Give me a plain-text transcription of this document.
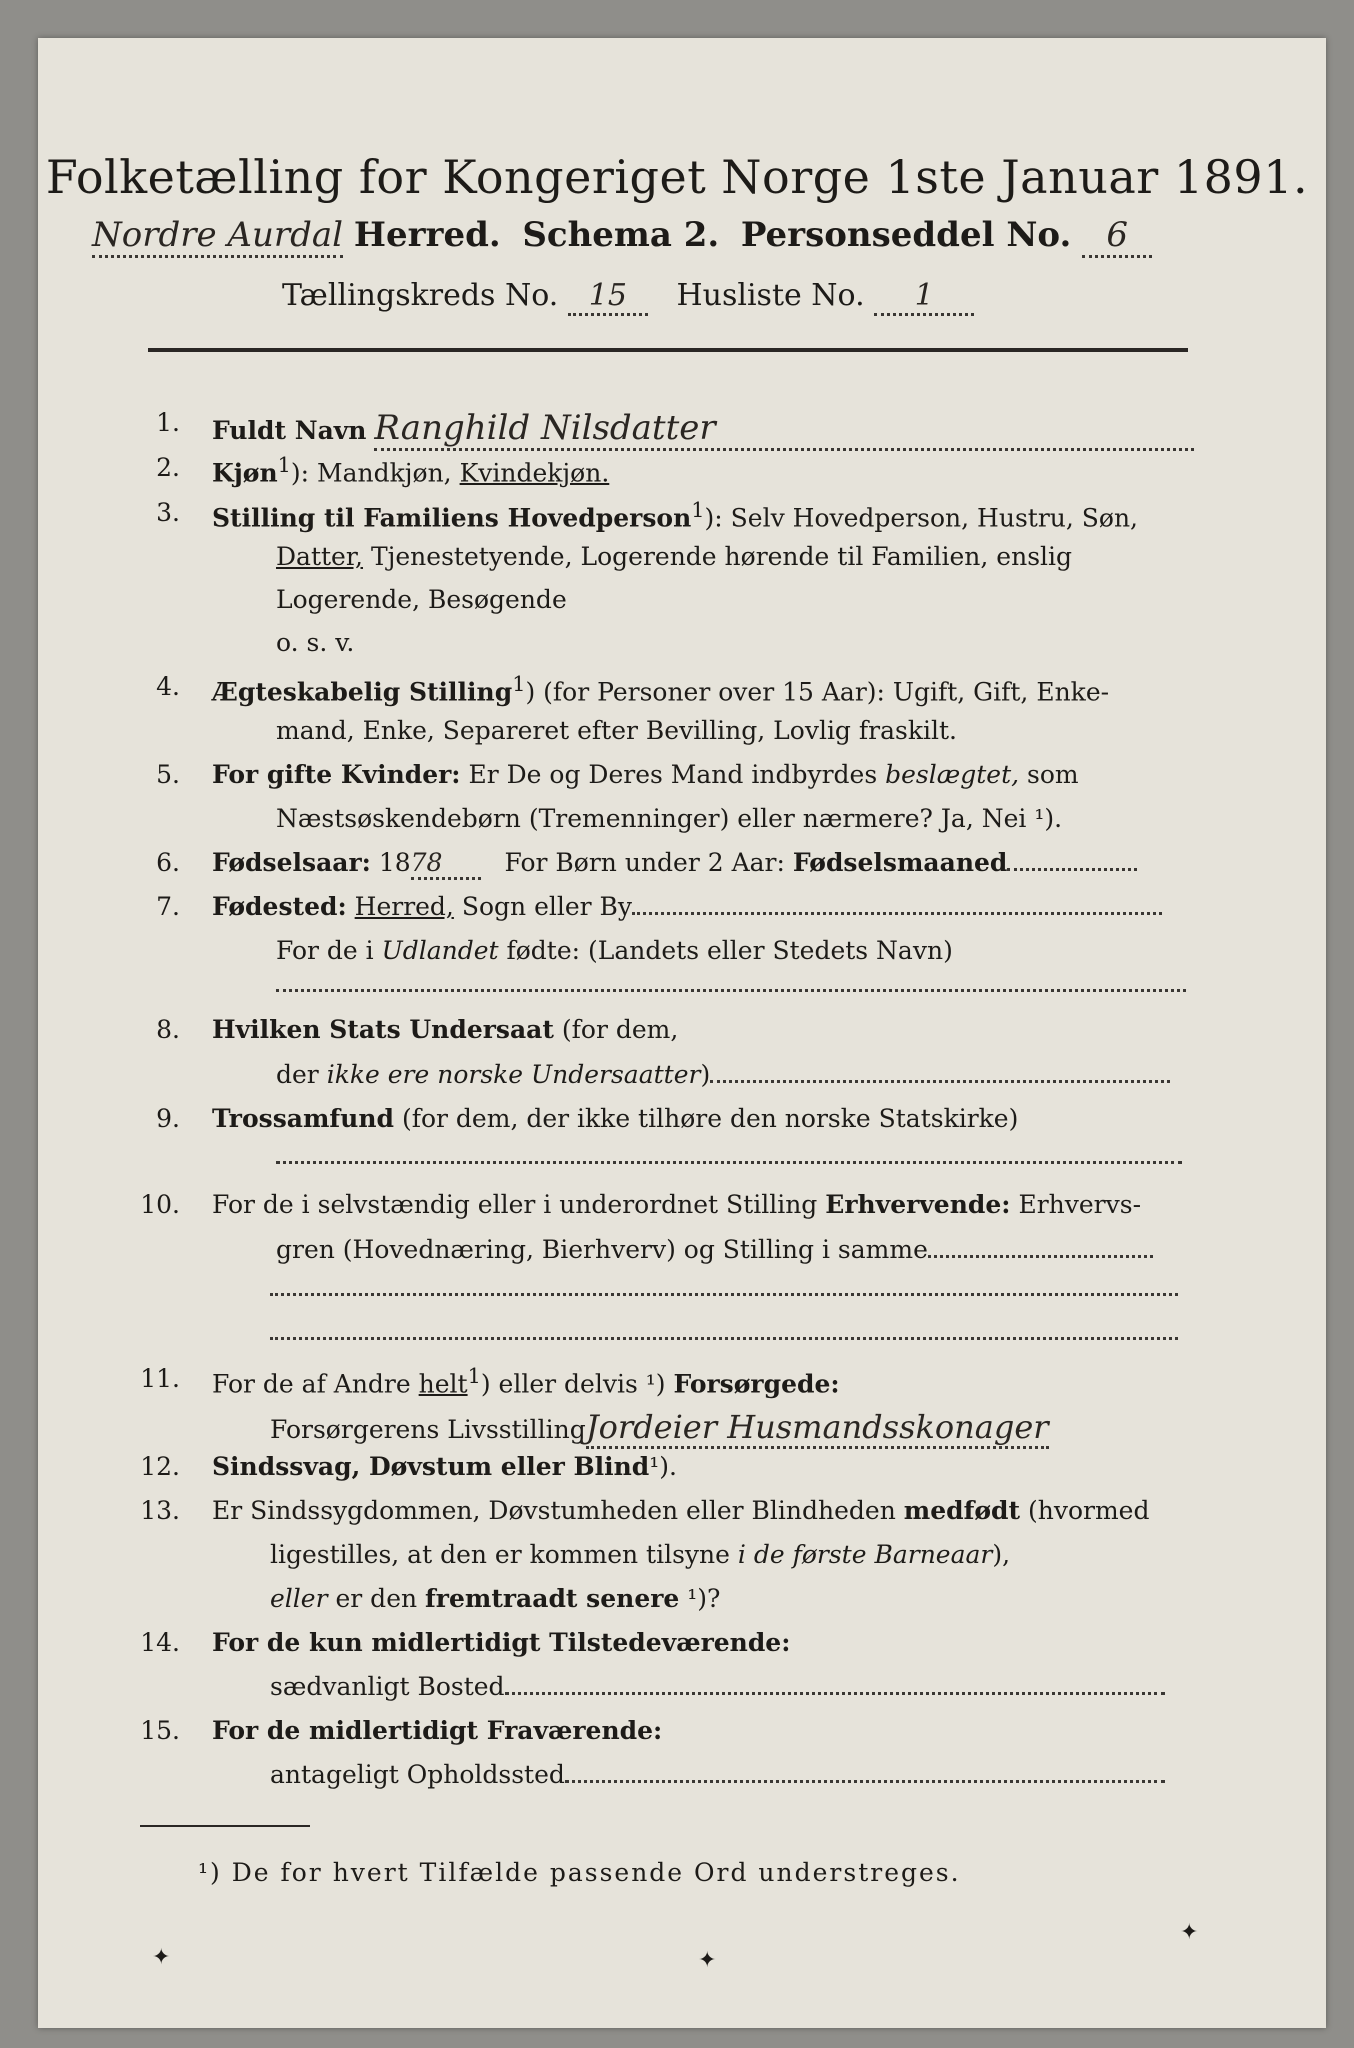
Folketælling for Kongeriget Norge 1ste Januar 1891.
Nordre Aurdal Herred. Schema 2. Personseddel No. 6
Tællingskreds No. 15 Husliste No. 1
1. Fuldt Navn Ranghild Nilsdatter
2. Kjøn$^1$): Mandkjøn, Kvindekjøn.
3. Stilling til Familiens Hovedperson$^1$): Selv Hovedperson, Hustru, Søn,
Datter, Tjenestetyende, Logerende hørende til Familien, enslig
Logerende, Besøgende
o. s. v.
4. Ægteskabelig Stilling$^1$) (for Personer over 15 Aar): Ugift, Gift, Enke-
mand, Enke, Separeret efter Bevilling, Lovlig fraskilt.
5. For gifte Kvinder: Er De og Deres Mand indbyrdes beslægtet, som
Næstsøskendebørn (Tremenninger) eller nærmere? Ja, Nei ¹).
6. Fødselsaar: 1878 For Børn under 2 Aar: Fødselsmaaned
7. Fødested: Herred, Sogn eller By
For de i Udlandet fødte: (Landets eller Stedets Navn)
8. Hvilken Stats Undersaat (for dem,
der ikke ere norske Undersaatter)
9. Trossamfund (for dem, der ikke tilhøre den norske Statskirke)
10. For de i selvstændig eller i underordnet Stilling Erhvervende: Erhvervs-
gren (Hovednæring, Bierhverv) og Stilling i samme
11. For de af Andre helt$^1$) eller delvis ¹) Forsørgede:
Forsørgerens LivsstillingJordeier Husmandsskonager
12. Sindssvag, Døvstum eller Blind¹).
13. Er Sindssygdommen, Døvstumheden eller Blindheden medfødt (hvormed
ligestilles, at den er kommen tilsyne i de første Barneaar),
eller er den fremtraadt senere ¹)?
14. For de kun midlertidigt Tilstedeværende:
sædvanligt Bosted
15. For de midlertidigt Fraværende:
antageligt Opholdssted
¹) De for hvert Tilfælde passende Ord understreges.
✦	✦
✦
